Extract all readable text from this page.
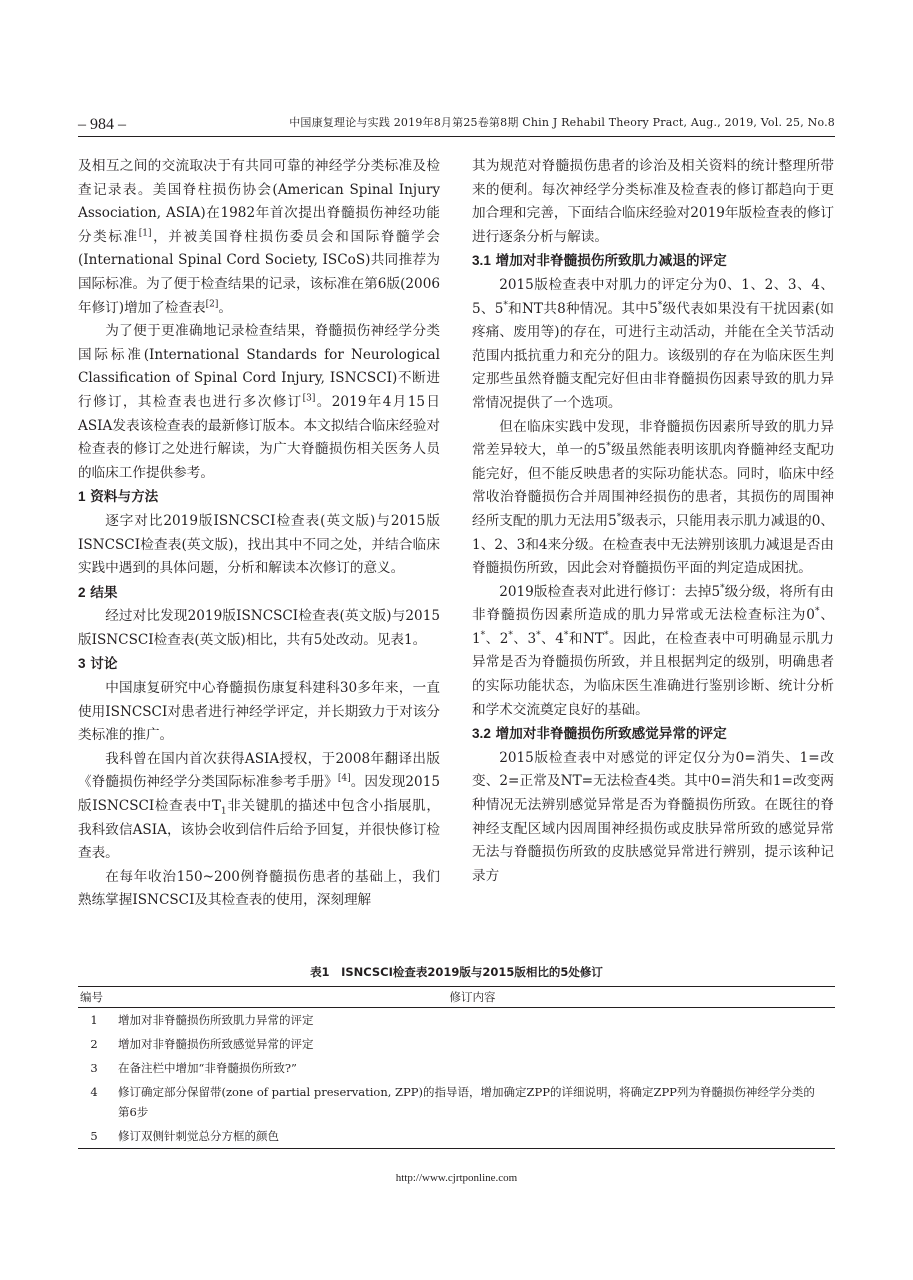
– 984 –	中国康复理论与实践 2019年8月第25卷第8期 Chin J Rehabil Theory Pract, Aug., 2019, Vol. 25, No.8

及相互之间的交流取决于有共同可靠的神经学分类标准及检查记录表。美国脊柱损伤协会(American Spinal Injury Association, ASIA)在1982年首次提出脊髓损伤神经功能分类标准[1]，并被美国脊柱损伤委员会和国际脊髓学会(International Spinal Cord Society, ISCoS)共同推荐为国际标准。为了便于检查结果的记录，该标准在第6版(2006年修订)增加了检查表[2]。

为了便于更准确地记录检查结果，脊髓损伤神经学分类国际标准(International Standards for Neurological Classification of Spinal Cord Injury, ISNCSCI)不断进行修订，其检查表也进行多次修订[3]。2019年4月15日ASIA发表该检查表的最新修订版本。本文拟结合临床经验对检查表的修订之处进行解读，为广大脊髓损伤相关医务人员的临床工作提供参考。

1 资料与方法

逐字对比2019版ISNCSCI检查表(英文版)与2015版ISNCSCI检查表(英文版)，找出其中不同之处，并结合临床实践中遇到的具体问题，分析和解读本次修订的意义。

2 结果

经过对比发现2019版ISNCSCI检查表(英文版)与2015版ISNCSCI检查表(英文版)相比，共有5处改动。见表1。

3 讨论

中国康复研究中心脊髓损伤康复科建科30多年来，一直使用ISNCSCI对患者进行神经学评定，并长期致力于对该分类标准的推广。

我科曾在国内首次获得ASIA授权，于2008年翻译出版《脊髓损伤神经学分类国际标准参考手册》[4]。因发现2015版ISNCSCI检查表中$T_1$非关键肌的描述中包含小指展肌，我科致信ASIA，该协会收到信件后给予回复，并很快修订检查表。

在每年收治150~200例脊髓损伤患者的基础上，我们熟练掌握ISNCSCI及其检查表的使用，深刻理解

其为规范对脊髓损伤患者的诊治及相关资料的统计整理所带来的便利。每次神经学分类标准及检查表的修订都趋向于更加合理和完善，下面结合临床经验对2019年版检查表的修订进行逐条分析与解读。

3.1 增加对非脊髓损伤所致肌力减退的评定

2015版检查表中对肌力的评定分为0、1、2、3、4、5、5*和NT共8种情况。其中5*级代表如果没有干扰因素(如疼痛、废用等)的存在，可进行主动活动，并能在全关节活动范围内抵抗重力和充分的阻力。该级别的存在为临床医生判定那些虽然脊髓支配完好但由非脊髓损伤因素导致的肌力异常情况提供了一个选项。

但在临床实践中发现，非脊髓损伤因素所导致的肌力异常差异较大，单一的5*级虽然能表明该肌肉脊髓神经支配功能完好，但不能反映患者的实际功能状态。同时，临床中经常收治脊髓损伤合并周围神经损伤的患者，其损伤的周围神经所支配的肌力无法用5*级表示，只能用表示肌力减退的0、1、2、3和4来分级。在检查表中无法辨别该肌力减退是否由脊髓损伤所致，因此会对脊髓损伤平面的判定造成困扰。

2019版检查表对此进行修订：去掉5*级分级，将所有由非脊髓损伤因素所造成的肌力异常或无法检查标注为0*、1*、2*、3*、4*和NT*。因此，在检查表中可明确显示肌力异常是否为脊髓损伤所致，并且根据判定的级别，明确患者的实际功能状态，为临床医生准确进行鉴别诊断、统计分析和学术交流奠定良好的基础。

3.2 增加对非脊髓损伤所致感觉异常的评定

2015版检查表中对感觉的评定仅分为0=消失、1=改变、2=正常及NT=无法检查4类。其中0=消失和1=改变两种情况无法辨别感觉异常是否为脊髓损伤所致。在既往的脊神经支配区域内因周围神经损伤或皮肤异常所致的感觉异常无法与脊髓损伤所致的皮肤感觉异常进行辨别，提示该种记录方

表1　ISNCSCI检查表2019版与2015版相比的5处修订
编号	修订内容
1	增加对非脊髓损伤所致肌力异常的评定
2	增加对非脊髓损伤所致感觉异常的评定
3	在备注栏中增加“非脊髓损伤所致?”
4	修订确定部分保留带(zone of partial preservation, ZPP)的指导语，增加确定ZPP的详细说明，将确定ZPP列为脊髓损伤神经学分类的第6步
5	修订双侧针刺觉总分方框的颜色
http://www.cjrtponline.com
